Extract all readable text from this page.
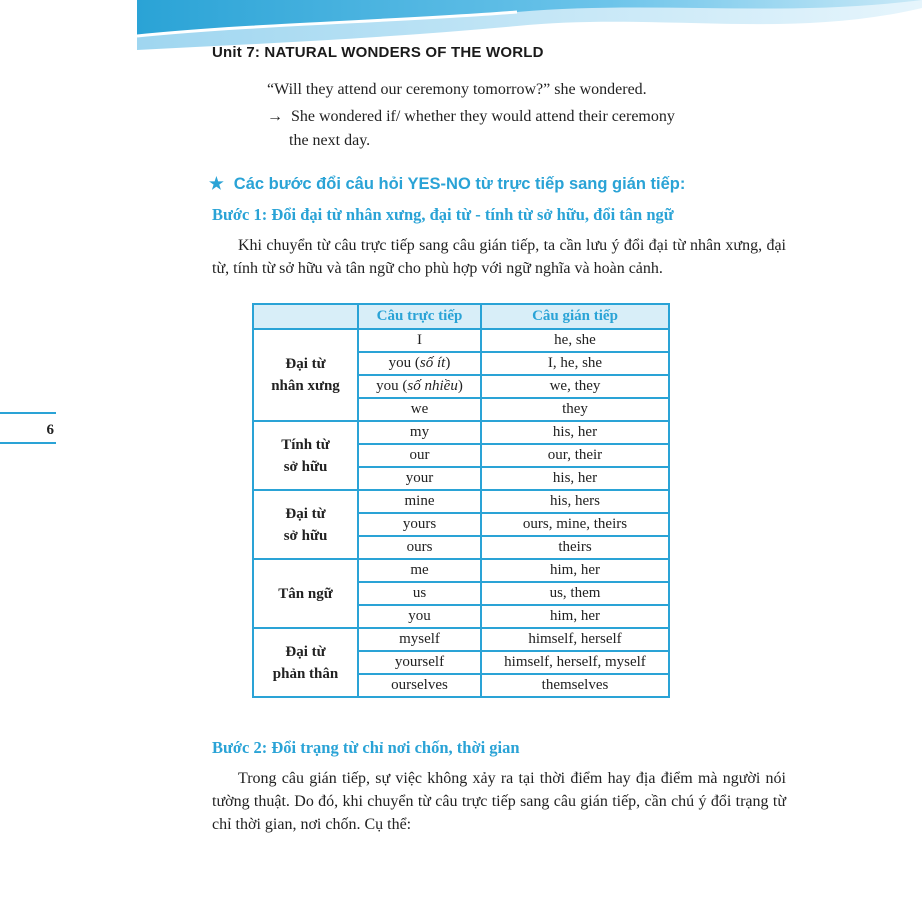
Unit 7: NATURAL WONDERS OF THE WORLD
“Will they attend our ceremony tomorrow?” she wondered.
→ She wondered if/ whether they would attend their ceremony
the next day.
★ Các bước đổi câu hỏi YES-NO từ trực tiếp sang gián tiếp:
Bước 1: Đổi đại từ nhân xưng, đại từ - tính từ sở hữu, đổi tân ngữ
Khi chuyển từ câu trực tiếp sang câu gián tiếp, ta cần lưu ý đổi đại từ nhân xưng, đại từ, tính từ sở hữu và tân ngữ cho phù hợp với ngữ nghĩa và hoàn cảnh.
	Câu trực tiếp	Câu gián tiếp

Đại từ
nhân xưng	I	he, she
	you (số ít)	I, he, she
	you (số nhiều)	we, they
	we	they

Tính từ
sở hữu	my	his, her
	our	our, their
	your	his, her

Đại từ
sở hữu	mine	his, hers
	yours	ours, mine, theirs
	ours	theirs

Tân ngữ	me	him, her
	us	us, them
	you	him, her

Đại từ
phản thân	myself	himself, herself
	yourself	himself, herself, myself
	ourselves	themselves
Bước 2: Đổi trạng từ chỉ nơi chốn, thời gian
Trong câu gián tiếp, sự việc không xảy ra tại thời điểm hay địa điểm mà người nói tường thuật. Do đó, khi chuyển từ câu trực tiếp sang câu gián tiếp, cần chú ý đổi trạng từ chỉ thời gian, nơi chốn. Cụ thể:
6
